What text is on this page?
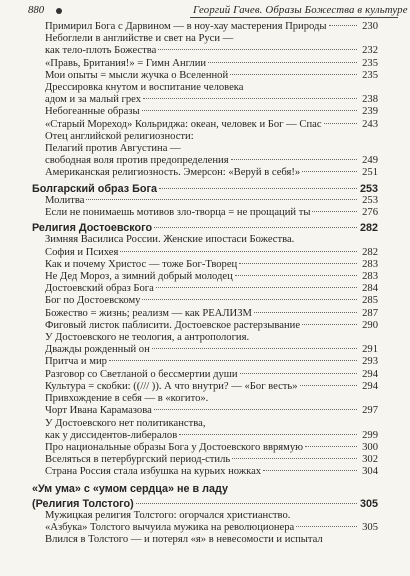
880	Георгий Гачев. Образы Божества в культуре
Примирил Бога с Дарвином — в ноу-хау мастерения Природы	230
Небоглели в английстве и свет на Руси —
как тело-плоть Божества	232
«Правь, Британия!» = Гимн Англии	235
Мои опыты = мысли жучка о Вселенной	235
Дрессировка кнутом и воспитание человека
адом и за малый грех	238
Небогеанные образы	239
«Старый Мореход» Кольриджа: океан, человек и Бог — Спас	243
Отец английской религиозности:
Пелагий против Августина —
свободная воля против предопределения	249
Американская религиозность. Эмерсон: «Веруй в себя!»	251
Болгарский образ Бога	253
Молитва	253
Если не понимаешь мотивов зло-творца = не прощаций ты	276
Религия Достоевского	282
Зимняя Василиса России. Женские ипостаси Божества.
София и Психея	282
Как и почему Христос — тоже Бог-Творец	283
Не Дед Мороз, а зимний добрый молодец	283
Достоевский образ Бога	284
Бог по Достоевскому	285
Божество = жизнь; реализм — как РЕАЛИЗМ	287
Фиговый листок паблисити. Достоевское растерзывание	290
У Достоевского не теология, а антропология.
Дважды рожденный он	291
Притча и мир	293
Разговор со Светланой о бессмертии души	294
Культура = скобки: ((/// )). А что внутри? — «Бог весть»	294
Привхождение в себя — в «когито».
Чорт Ивана Карамазова	297
У Достоевского нет политиканства,
как у диссидентов-либералов	299
Про национальные образы Бога у Достоевского вврямую	300
Вселяться в петербургский период-стиль	302
Страна Россия стала избушка на курьих ножках	304
«Ум ума» с «умом сердца» не в ладу
(Религия Толстого)	305
Мужицкая религия Толстого: огорчался христианство.
«Азбука» Толстого вычуила мужика на революционера	305
Влился в Толстого — и потерял «я» в невесомости и испытал
